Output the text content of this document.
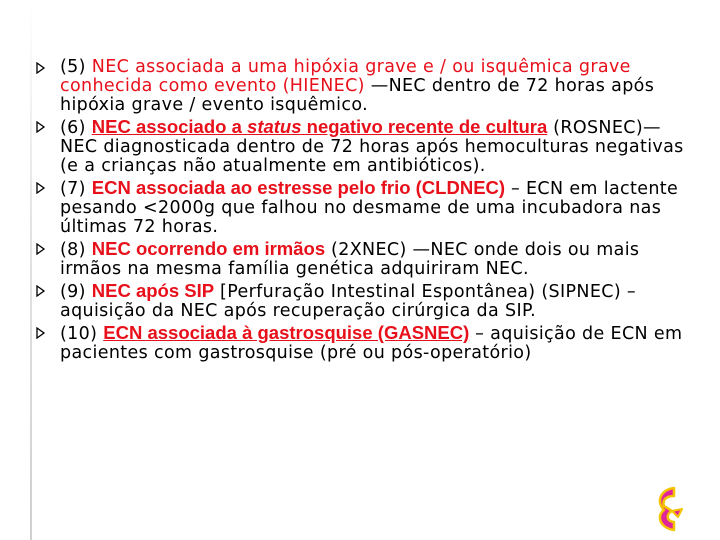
(5) NEC associada a uma hipóxia grave e / ou isquêmica grave conhecida como evento (HIENEC) —NEC dentro de 72 horas após hipóxia grave / evento isquêmico.
(6) NEC associado a status negativo recente de cultura (ROSNEC)—NEC diagnosticada dentro de 72 horas após hemoculturas negativas (e a crianças não atualmente em antibióticos).
(7) ECN associada ao estresse pelo frio (CLDNEC) – ECN em lactente pesando <2000g que falhou no desmame de uma incubadora nas últimas 72 horas.
(8) NEC ocorrendo em irmãos (2XNEC) —NEC onde dois ou mais irmãos na mesma família genética adquiriram NEC.
(9) NEC após SIP [Perfuração Intestinal Espontânea) (SIPNEC) – aquisição da NEC após recuperação cirúrgica da SIP.
(10) ECN associada à gastrosquise (GASNEC) – aquisição de ECN em pacientes com gastrosquise (pré ou pós-operatório)
